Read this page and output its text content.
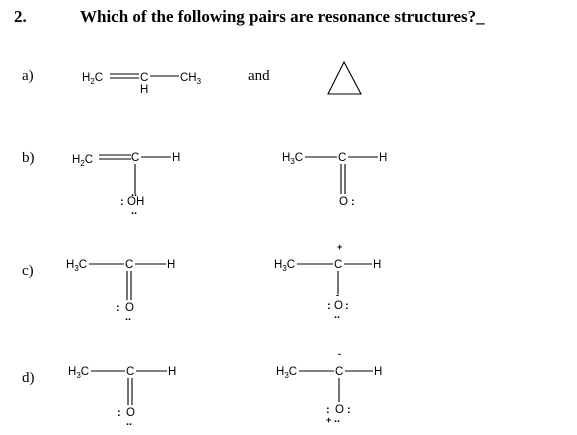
2.	Which of the following pairs are resonance structures?_
a)
b)
c)
d)
and
$H_2C$	C
H
$CH_3$
$H_2C$	C	H
:
..
OH
..
$H_3C$	C	H
O :
$H_3C$	C	H
: O
..
+
$H_3C$	C	H
-
: O :
..
$H_3C$	C	H
: O
..
-
$H_3C$	C	H
: O :
+ ..
